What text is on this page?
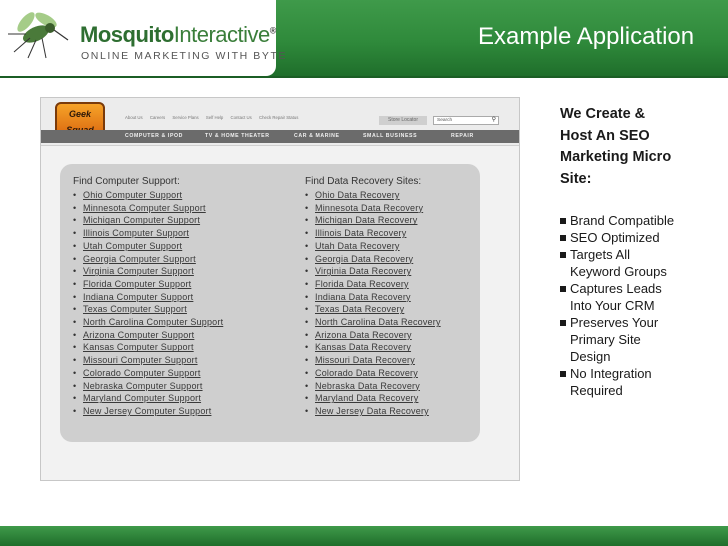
MosquitoInteractive®
ONLINE MARKETING WITH BYTE
Example Application
Geek	About Us Careers Service Plans Self Help Contact Us Check Repair Status	Store Locator	Search	⚲
COMPUTER & IPOD	TV & HOME THEATER	CAR & MARINE	SMALL BUSINESS	REPAIR
Find Computer Support:
• Ohio Computer Support
• Minnesota Computer Support
• Michigan Computer Support
• Illinois Computer Support
• Utah Computer Support
• Georgia Computer Support
• Virginia Computer Support
• Florida Computer Support
• Indiana Computer Support
• Texas Computer Support
• North Carolina Computer Support
• Arizona Computer Support
• Kansas Computer Support
• Missouri Computer Support
• Colorado Computer Support
• Nebraska Computer Support
• Maryland Computer Support
• New Jersey Computer Support
Find Data Recovery Sites:
• Ohio Data Recovery
• Minnesota Data Recovery
• Michigan Data Recovery
• Illinois Data Recovery
• Utah Data Recovery
• Georgia Data Recovery
• Virginia Data Recovery
• Florida Data Recovery
• Indiana Data Recovery
• Texas Data Recovery
• North Carolina Data Recovery
• Arizona Data Recovery
• Kansas Data Recovery
• Missouri Data Recovery
• Colorado Data Recovery
• Nebraska Data Recovery
• Maryland Data Recovery
• New Jersey Data Recovery
We Create &
Host An SEO
Marketing Micro
Site:
Brand Compatible
SEO Optimized
Targets All
Keyword Groups
Captures Leads
Into Your CRM
Preserves Your
Primary Site
Design
No Integration
Required
